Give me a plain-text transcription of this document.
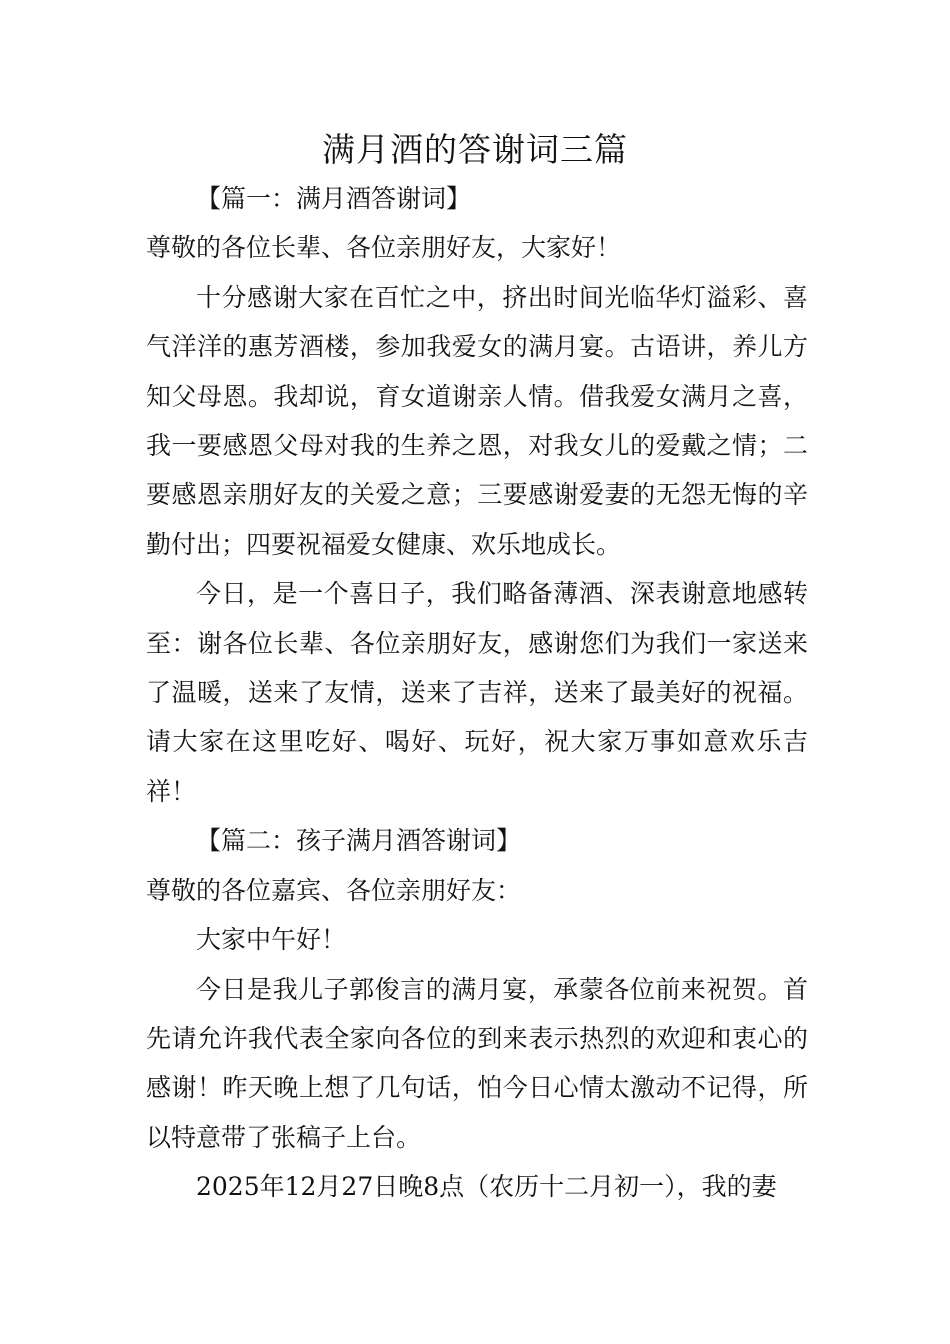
满月酒的答谢词三篇

【篇一：满月酒答谢词】

尊敬的各位长辈、各位亲朋好友，大家好！

十分感谢大家在百忙之中，挤出时间光临华灯溢彩、喜气洋洋的惠芳酒楼，参加我爱女的满月宴。古语讲，养儿方知父母恩。我却说，育女道谢亲人情。借我爱女满月之喜，我一要感恩父母对我的生养之恩，对我女儿的爱戴之情；二要感恩亲朋好友的关爱之意；三要感谢爱妻的无怨无悔的辛勤付出；四要祝福爱女健康、欢乐地成长。

今日，是一个喜日子，我们略备薄酒、深表谢意地感转至：谢各位长辈、各位亲朋好友，感谢您们为我们一家送来了温暖，送来了友情，送来了吉祥，送来了最美好的祝福。请大家在这里吃好、喝好、玩好，祝大家万事如意欢乐吉祥！

【篇二：孩子满月酒答谢词】

尊敬的各位嘉宾、各位亲朋好友：

大家中午好！

今日是我儿子郭俊言的满月宴，承蒙各位前来祝贺。首先请允许我代表全家向各位的到来表示热烈的欢迎和衷心的感谢！昨天晚上想了几句话，怕今日心情太激动不记得，所以特意带了张稿子上台。

2025年12月27日晚8点（农历十二月初一），我的妻
